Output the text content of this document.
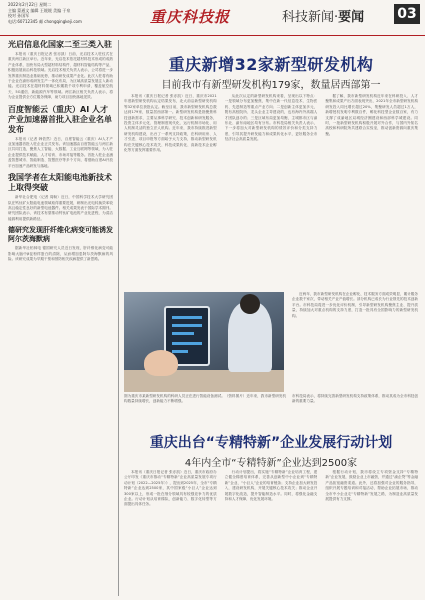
2022年2月22日 星期二
主编 蒙通文 编辑 王媛媛 美编 于泉
校对 孙国军
电话:60712345 邮 chongqingkeji.com	重庆科技报	科技新闻·要闻 03
光启信息化国家二至三类入驻
本报讯（重庆日报记者 张亦凯）日前，光启技术入驻仪式在重庆两江新区举行。近年来，光启技术依托超材料技术形成的成熟产业体系，加快布局大型超材料结构件、超材料智能结构等产品，积极拓展前沿科技领域。光启技术相关负责人表示，公司将进一步发挥重庆制造业基础优势，推动研发成果产业化。此次入驻将有助于企业在渝形成研发生产一体化布局，为区域高质量发展注入新动能。光启技术在超材料领域已积累数千项专利申请，覆盖航空航天、5G通信、新能源汽车等领域。两江新区相关负责人表示，将为企业提供全方位服务保障，助力项目加快落地见效。
百度智能云（重庆）AI 人才产业加速器首批入驻企业名单发布
本报讯（记者 韩依然）近日，百度智能云（重庆）AI人才产业加速器首批入驻企业正式发布。该加速器由百度智能云与两江新区共同打造，聚焦人工智能、大数据、工业互联网等领域，为入驻企业提供技术赋能、人才培育、市场对接等服务。首批入驻企业涵盖智慧城市、智能制造、智慧医疗等多个方向，将借助百度AI开放平台加速产品研发与落地。
我国学者在太阳能电池新技术上取得突破
新华社合肥电（记者 周畅）近日，中国科学技术大学研究团队在钙钛矿太阳能电池领域取得重要进展，研制出光电转换效率较高且稳定性良好的新型电池器件。相关成果发表于国际学术期刊。研究团队表示，该技术有望推动钙钛矿电池的产业化进程，为清洁能源利用提供新路径。
德研究发现肝纤维化病变可能诱发阿尔茨海默病
据新华社柏林电 德国研究人员近日发现，肝纤维化病变可能影响大脑中β淀粉样蛋白的清除，从而增加患阿尔茨海默病的风险。该研究成果为早期干预和预防相关疾病提供了新思路。
重庆新增32家新型研发机构
目前我市有新型研发机构179家，数量居西部第一
本报讯（重庆日报记者 张亦凯）近日，重庆市2021年度新型研发机构认定结果发布，北大前沿新型研发机构等32家单位获批认定。截至目前，我市新型研发机构总数达到179家，数量居西部第一。新型研发机构是指聚焦科技创新需求，主要从事科学研究、技术创新和研发服务，投资主体多元化、管理制度现代化、运行机制市场化、用人机制灵活的独立法人机构。近年来，我市持续推进新型研发机构建设，出台了一系列支持政策，在科研用房、人才引进、项目申报等方面给予大力支持，推动新型研发机构在关键核心技术攻关、科技成果转化、高新技术企业孵化等方面发挥重要作用。
从此次认定的新型研发机构来看，呈现出以下特点：一是领域分布更加聚焦，集中在新一代信息技术、生物医药、先进制造等重点产业方向；二是创新主体更加多元，既有高校院所、龙头企业主导建设的，也有海内外高端人才团队创办的；三是区域布局更加均衡，主城都市区与渝东北、渝东南地区均有分布。市科技局相关负责人表示，下一步将加大对新型研发机构的绩效评价和分类支持力度，引导其提升研发能力和成果转化水平，更好服务全市经济社会高质量发展。
据了解，我市新型研发机构近年来在科研投入、人才聚集和成果产出方面表现突出，2021年全市新型研发机构研发投入同比增长超过20%，集聚研发人员超过1万人，新增授权发明专利数百件，孵化科技型企业数百家，有力支撑了成渝地区双城经济圈建设和西部科学城建设。同时，一批新型研发机构积极开展对外合作，与国内外知名高校和科研院所共建联合实验室，推动创新资源向重庆集聚。
近两年，我市新型研发机构在企业孵化、技术服务方面成效明显，累计服务企业数千家次，带动相关产业产值增长。部分机构已成长为行业领先的技术创新平台。市科技局将进一步优化评价机制，引导新型研发机构聚焦主业、提升质量，持续加大对重点机构的支持力度，打造一批具有全国影响力的新型研发机构。
图为重庆市某新型研发机构的科研人员正在进行智能设备测试。（资料图片）近年来，我市新型研发机构数量持续增长，创新能力不断增强。
市科技局表示，将持续完善新型研发机构支持政策体系，推动其成为全市科技创新的重要力量。
重庆出台“专精特新”企业发展行动计划
4年内全市“专精特新”企业达到2500家
本报讯（重庆日报记者 张亦凯）近日，重庆市政府办公厅印发《重庆市推动“专精特新”企业高质量发展专项行动计划（2022—2025年）》，提出到2025年，全市“专精特新”企业达到2500家，其中国家级“小巨人”企业达到300家以上，形成一批在细分领域具有较强竞争力的优质企业。行动计划从培育梯队、创新能力、数字化转型等方面提出具体任务。
行动计划提出，将实施“专精特新”企业培育工程，建立健全梯度培育体系，完善从创新型中小企业到“专精特新”企业、“小巨人”企业的培育链条；支持企业加大研发投入，建设研发机构，开展关键核心技术攻关；推动企业开展数字化改造，提升智能制造水平。同时，将强化金融支持和人才保障，优化发展环境。
根据行动计划，我市将设立专项资金支持“专精特新”企业发展，鼓励企业上市融资，并通过“渝企贷”等金融产品拓宽融资渠道。此外，还将加强对企业的服务指导，组织开展专题培训和对接活动，帮助企业拓展市场，推动全市中小企业走“专精特新”发展之路，为制造业高质量发展提供有力支撑。
